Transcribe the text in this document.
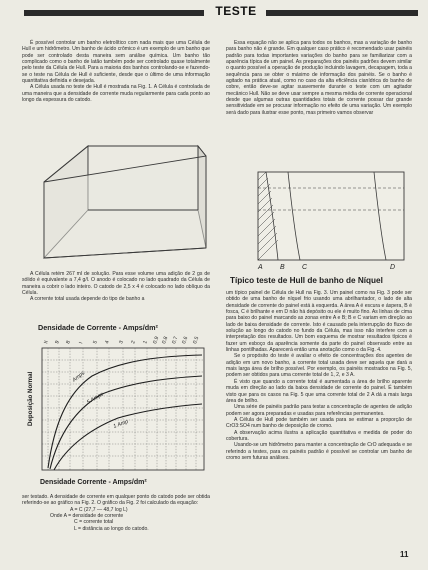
TESTE

É possível controlar um banho eletrolítico com nada mais que uma Célula de Hull e um hidrômetro. Um banho de ácido crômico é um exemplo de um banho que pode ser controlado desta maneira sem análise química. Um banho tão complicado como o banho de latão também pode ser controlado quase totalmente pelo teste da Célula de Hull. Para a maioria dos banhos controlando-se e fazendo-se o teste na Célula de Hull é suficiente, desde que o último de uma informação quantitativa definida e desejada.

A Célula usada no teste de Hull é mostrada na Fig. 1. A Célula é controlada de uma maneira que a densidade de corrente muda regularmente para cada ponto ao longo da espessura do catodo.

A Célula retém 267 ml de solução. Para esse volume uma adição de 2 gs de sólido é equivalente a 7,4 g/l. O anodo é colocado no lado quadrado da Célula de maneira a cobrir o lado inteiro. O catodo de 2,5 x 4 é colocado no lado oblíquo da Célula.

A corrente total usada depende do tipo de banho a

Densidade de Corrente - Amps/dm²
Deposição Normal
II 9 8 I 5 4 3 2 1 0.9 0.8 0.7 0.6 0.5
Amps
5 Amps
1 Amp
Densidade Corrente - Amps/dm²

ser testado. A densidade de corrente em qualquer ponto do catodo pode ser obtida referindo-se ao gráfico na Fig. 2. O gráfico da Fig. 2 foi calculado da equação:

A = C (27,7 — 48,7 log L)

Onde A = densidade de corrente

C = corrente total

L = distância ao longo do catodo.

Essa equação não se aplica para todos os banhos, mas a variação de banho para banho não é grande. Em qualquer caso prático é recomendado usar painéis padrão para todas importantes variações do banho para se familiarizar com a aparência típica de um painel. As preparações dos painéis padrões devem similar o quanto possível a operação de produção incluindo lavagem, decapagem, toda a sequência para se obter o máximo de informação dos painéis. Se o banho é agitado na prática atual, como no caso da alta eficiência cianídrica do banho de cobre, então deve-se agitar suavemente durante o teste com um agitador mecânico Hull. Não se deve usar sempre a mesma média de corrente operacional desde que algumas outras quantidades totais de corrente possar dar grande sensitividade em se procurar informação no efeito de uma variação. Um exemplo será dado para ilustrar esse ponto, mas primeiro vamos observar

A B C	D
Típico teste de Hull de banho de Níquel

um típico painel de Célula de Hull na Fig. 3. Um painel como na Fig. 3 pode ser obtido de uma banho de níquel frio usando uma abrilhantador, o lado de alta densidade de corrente do painel está à esquerda. A área A é escura e áspera, B é fosca, C é brilhante e em D não há depósito ou ele é muito fino. As linhas de cima para baixo do painel marcando as zonas entre A e B; B e C variam em direção ao lado de baixa densidade de corrente. Isto é causado pela interrupção do fluxo de solução ao longo do catodo no fundo da Célula, mas isso não interfere com a interpretação dos resultados. Um bom esquema de mostrar resultados típicos é fazer um esboço da aparência somente da parte do painel observado entre as linhas pontilhadas. Aparecerá então uma anotação como o da Fig. 4.

Se o propósito do teste é avaliar o efeito de concentrações dos agentes de adição em um novo banho, a corrente total usada deve ser aquela que dará a mais larga área de brilho possível. Por exemplo, os painéis mostrados na Fig. 5, podem ser obtidos para uma corrente total de 1, 2, e 3 A.

É visto que quando a corrente total é aumentada a área de brilho aparente muda em direção ao lado da baixa densidade de corrente do painel. É também visto que para os casos na Fig. 5 que uma corrente total de 2 A dá a mais larga área de brilho.

Uma série de painéis padrão para testar a concentração de agentes de adição podem ser agora preparadas e usadas para referências permanentes.

A Célula de Hull pode também ser usada para se estimar a proporção de CrO3:SO4 num banho de deposição de cromo.

A observação acima ilustra a aplicação quantitativa e medida de poder do cobertura.

Usando-se um hidrômetro para manter a concentração de CrO adequada e se referindo a testes, para os painéis padrão é possível se controlar um banho de cromo sem futuras análises.

11
